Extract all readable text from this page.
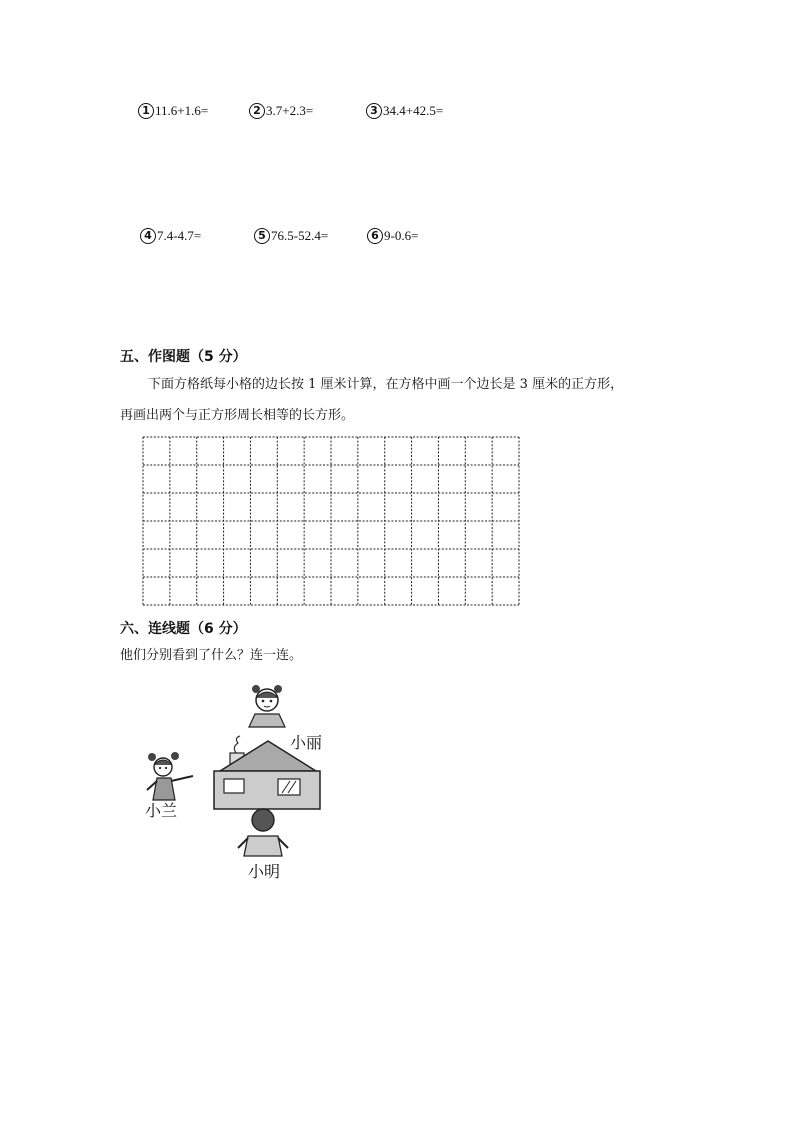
1 11.6+1.6=	2 3.7+2.3=	3 34.4+42.5=
4 7.4-4.7=	5 76.5-52.4=	6 9-0.6=
五、作图题（5 分）
下面方格纸每小格的边长按 1 厘米计算，在方格中画一个边长是 3 厘米的正方形，
再画出两个与正方形周长相等的长方形。
六、连线题（6 分）
他们分别看到了什么？连一连。
小丽
小兰
小明
